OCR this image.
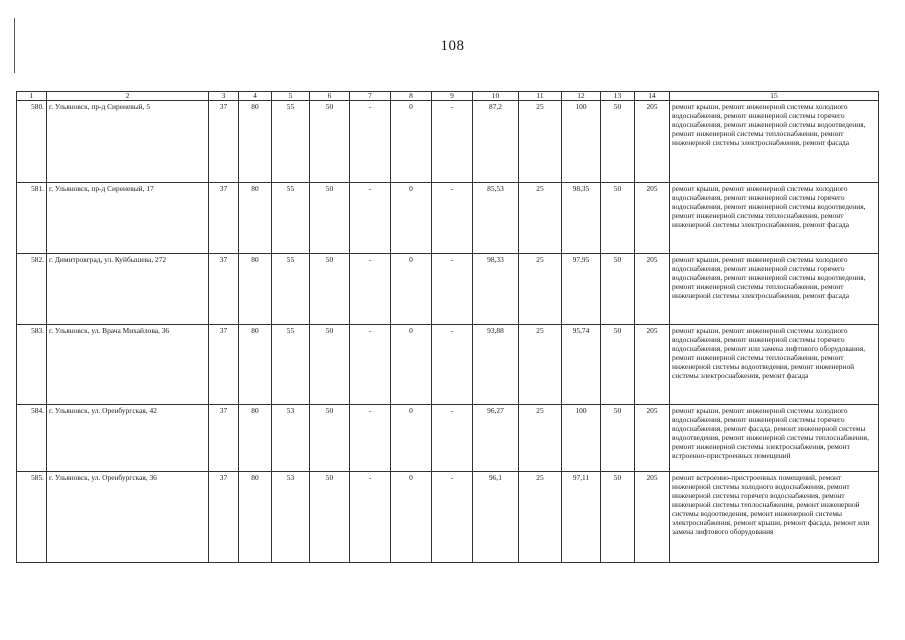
108
1	2	3	4	5	6	7	8	9	10	11	12	13	14	15
580.	г. Ульяновск, пр-д Сиреневый, 5	37	80	55	50	-	0	-	87,2	25	100	50	205	ремонт крыши, ремонт инженерной системы холодного водоснабжения, ремонт инженерной системы горячего водоснабжения, ремонт инженерной системы водоотведения, ремонт инженерной системы теплоснабжения, ремонт инженерной системы электроснабжения, ремонт фасада
581.	г. Ульяновск, пр-д Сиреневый, 17	37	80	55	50	-	0	-	85,53	25	98,35	50	205	ремонт крыши, ремонт инженерной системы холодного водоснабжения, ремонт инженерной системы горячего водоснабжения, ремонт инженерной системы водоотведения, ремонт инженерной системы теплоснабжения, ремонт инженерной системы электроснабжения, ремонт фасада
582.	г. Димитровград, ул. Куйбышева, 272	37	80	55	50	-	0	-	98,33	25	97,95	50	205	ремонт крыши, ремонт инженерной системы холодного водоснабжения, ремонт инженерной системы горячего водоснабжения, ремонт инженерной системы водоотведения, ремонт инженерной системы теплоснабжения, ремонт инженерной системы электроснабжения, ремонт фасада
583.	г. Ульяновск, ул. Врача Михайлова, 36	37	80	55	50	-	0	-	93,88	25	95,74	50	205	ремонт крыши, ремонт инженерной системы холодного водоснабжения, ремонт инженерной системы горячего водоснабжения, ремонт или замена лифтового оборудования, ремонт инженерной системы теплоснабжения, ремонт инженерной системы водоотведения, ремонт инженерной системы электроснабжения, ремонт фасада
584.	г. Ульяновск, ул. Оренбургская, 42	37	80	53	50	-	0	-	96,27	25	100	50	205	ремонт крыши, ремонт инженерной системы холодного водоснабжения, ремонт инженерной системы горячего водоснабжения, ремонт фасада, ремонт инженерной системы водоотведения, ремонт инженерной системы теплоснабжения, ремонт инженерной системы электроснабжения, ремонт встроенно-пристроенных помещений
585.	г. Ульяновск, ул. Оренбургская, 36	37	80	53	50	-	0	-	96,1	25	97,11	50	205	ремонт встроенно-пристроенных помещений, ремонт инженерной системы холодного водоснабжения, ремонт инженерной системы горячего водоснабжения, ремонт инженерной системы теплоснабжения, ремонт инженерной системы водоотведения, ремонт инженерной системы электроснабжения, ремонт крыши, ремонт фасада, ремонт или замена лифтового оборудования
